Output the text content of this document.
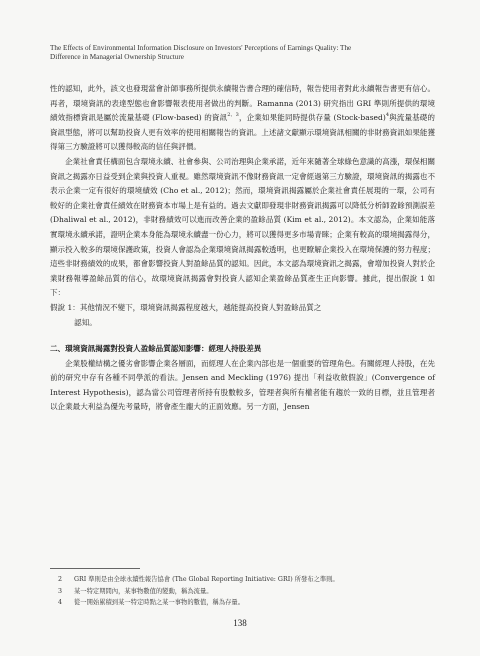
The Effects of Environmental Information Disclosure on Investors' Perceptions of Earnings Quality: The
Difference in Managerial Ownership Structure

性的認知，此外，該文也發現當會計師事務所提供永續報告書合理的確信時，報告使用者對此永續報告書更有信心。再者，環境資訊的表達型態也會影響報表使用者做出的判斷。Ramanna (2013) 研究指出 GRI 準則所提供的環境績效指標資訊是屬於流量基礎 (Flow-based) 的資訊$^{2、3}$，企業如果能同時提供存量 (Stock-based)$^4$與流量基礎的資訊型態，將可以幫助投資人更有效率的使用相關報告的資訊。上述諸文獻顯示環境資訊相關的非財務資訊如果能獲得第三方驗證將可以獲得較高的信任與評價。

企業社會責任構面包含環境永續、社會參與、公司治理與企業承諾，近年來隨著全球綠色意識的高漲，環保相關資訊之揭露亦日益受到企業與投資人重視。雖然環境資訊不像財務資訊一定會經過第三方驗證，環境資訊的揭露也不表示企業一定有很好的環境績效 (Cho et al., 2012)；然而，環境資訊揭露屬於企業社會責任展現的一環，公司有較好的企業社會責任績效在財務資本市場上是有益的。過去文獻即發現非財務資訊揭露可以降低分析師盈餘預測誤差 (Dhaliwal et al., 2012)，非財務績效可以進而改善企業的盈餘品質 (Kim et al., 2012)。本文認為，企業如能落實環境永續承諾，證明企業本身能為環境永續盡一份心力，將可以獲得更多市場青睞；企業有較高的環境揭露得分，顯示投入較多的環境保護政策，投資人會認為企業環境資訊揭露較透明，也更瞭解企業投入在環境保護的努力程度；這些非財務績效的成果，都會影響投資人對盈餘品質的認知。因此，本文認為環境資訊之揭露，會增加投資人對於企業財務報導盈餘品質的信心，故環境資訊揭露會對投資人認知企業盈餘品質產生正向影響。據此，提出假說 1 如下：

假說 1：其他情況不變下，環境資訊揭露程度越大，越能提高投資人對盈餘品質之
認知。

二、環境資訊揭露對投資人盈餘品質認知影響：經理人持股差異

企業股權結構之優劣會影響企業各層面，而經理人在企業內部也是一個重要的管理角色。有關經理人持股，在先前的研究中存有各種不同學派的看法。Jensen and Meckling (1976) 提出「利益收斂假說」(Convergence of Interest Hypothesis)，認為當公司管理者所持有股數較多，管理者與所有權者能有趨於一致的目標，並且管理者以企業最大利益為優先考量時，將會產生龐大的正面效應。另一方面，Jensen

2 GRI 準則是由全球永續性報告協會 (The Global Reporting Initiative: GRI) 所發布之準則。
3 某一特定期間內，某事物數值的變動，稱為流量。
4 從一開始累積到某一特定時點之某一事物的數值，稱為存量。
138
